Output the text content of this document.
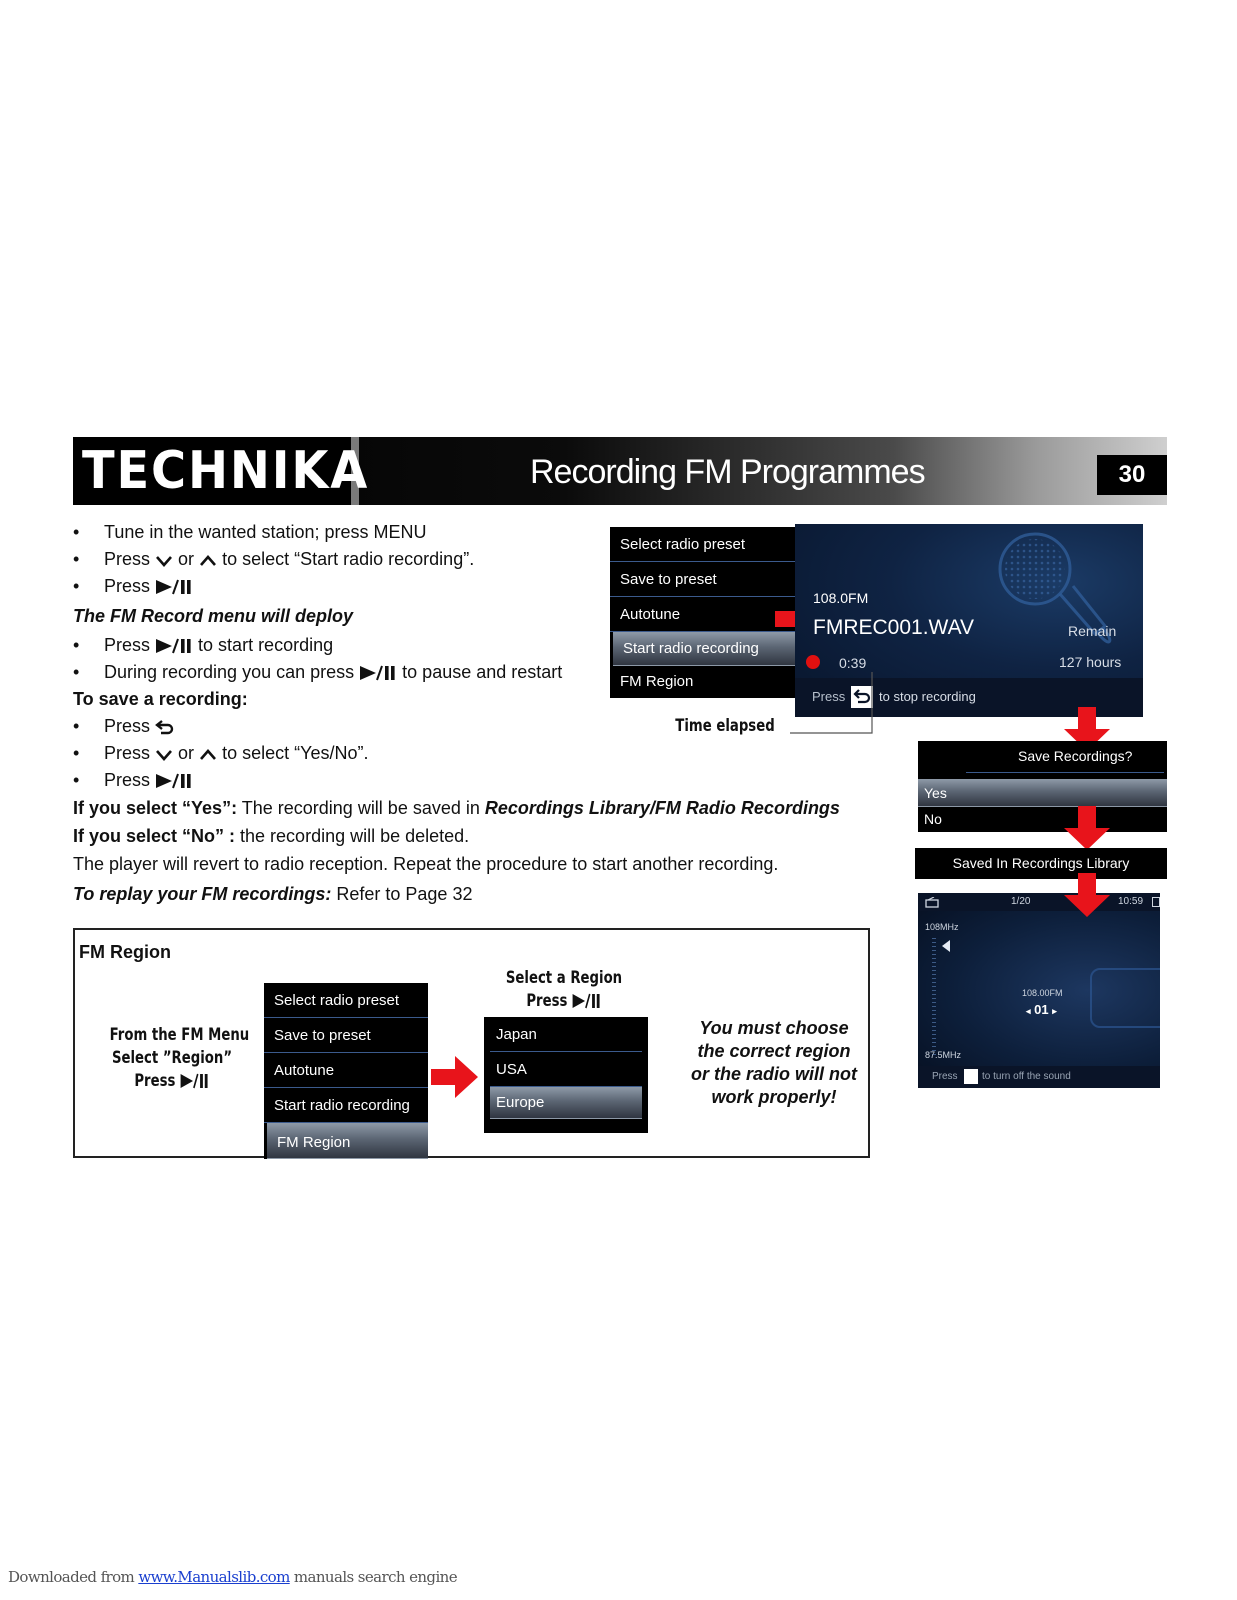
TECHNIKA	Recording FM Programmes	30
• Tune in the wanted station; press MENU
• Press or to select “Start radio recording”.
• Press
The FM Record menu will deploy
• Press	to start recording
• During recording you can press	to pause and restart
To save a recording:
• Press
• Press or to select “Yes/No”.
• Press
If you select “Yes”: The recording will be saved in Recordings Library/FM Radio Recordings
If you select “No” : the recording will be deleted.
The player will revert to radio reception. Repeat the procedure to start another recording.
To replay your FM recordings: Refer to Page 32
Select radio preset
Save to preset
Autotune
Start radio recording
FM Region
108.0FM
FMREC001.WAV	Remain
127 hours
0:39
Press	to stop recording
Time elapsed
Save Recordings?
Yes
No
Saved In Recordings Library
1/20	10:59
108MHz
87.5MHz
108.00FM
◂ 01 ▸
Press to turn off the sound
FM Region
From the FM Menu
Select ”Region”
Press
Select radio preset
Save to preset
Autotune
Start radio recording
FM Region
Select a Region
Press
Japan
USA
Europe
You must choose
the correct region
or the radio will not
work properly!
Downloaded from www.Manualslib.com manuals search engine
